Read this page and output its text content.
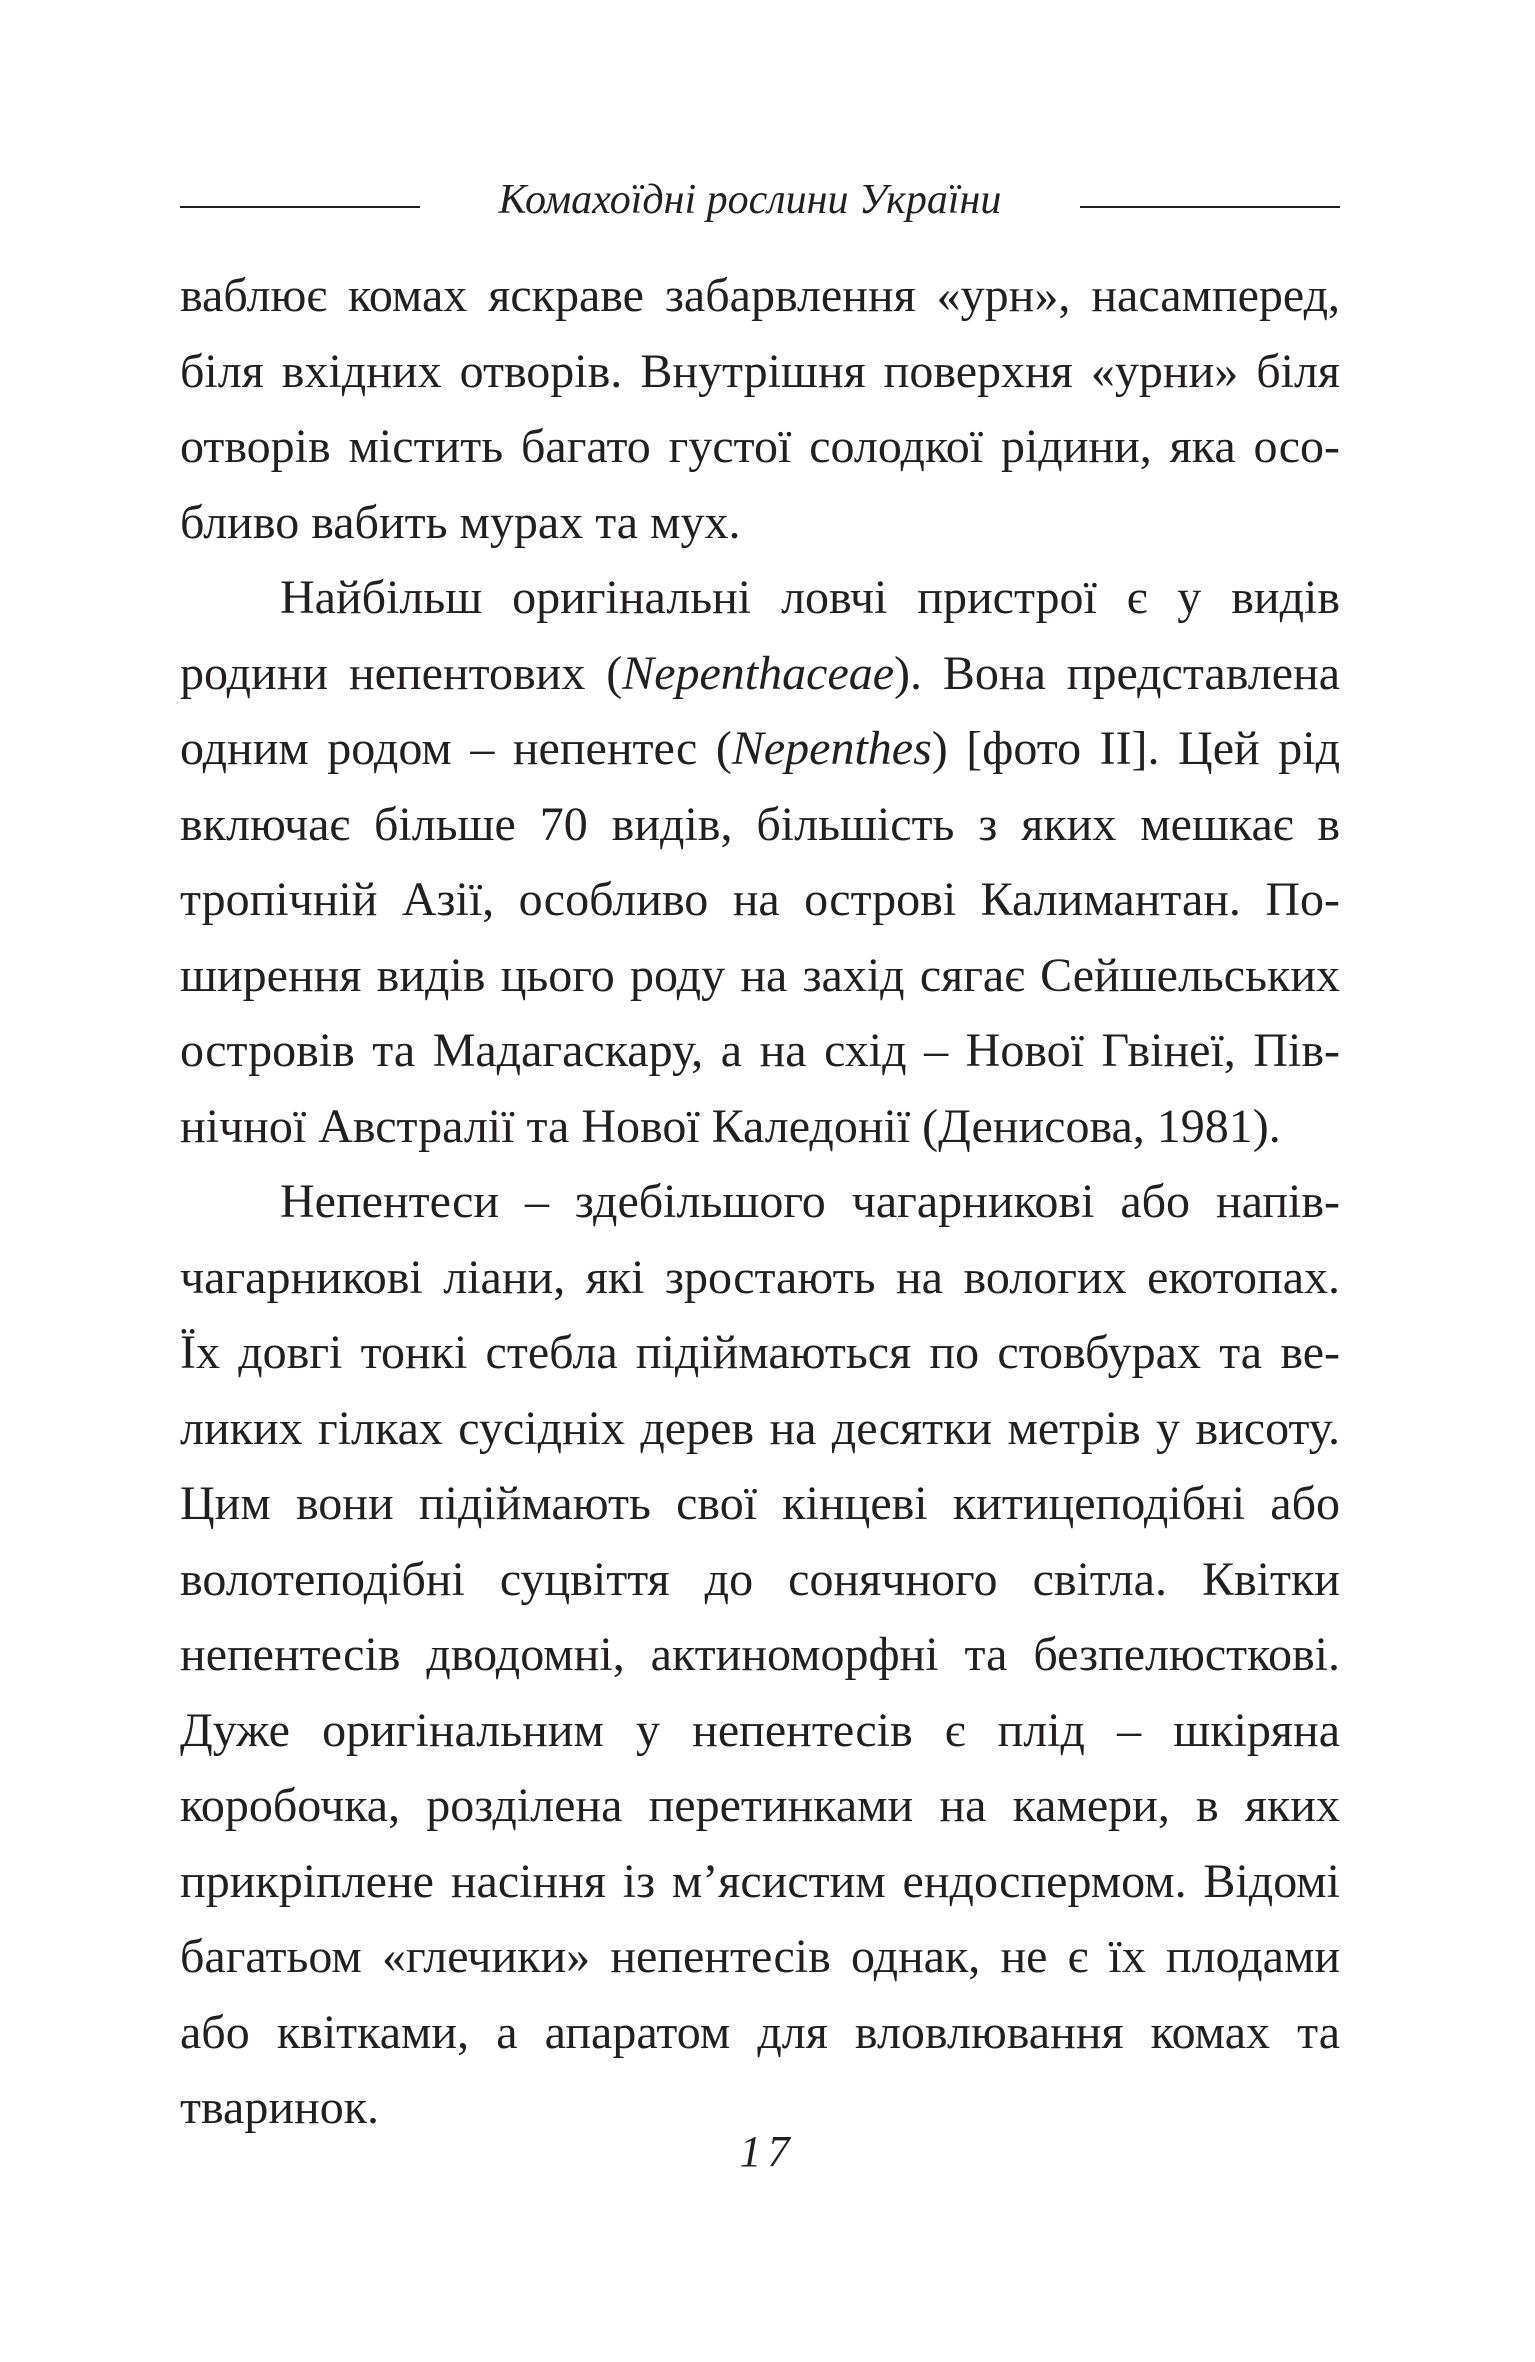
Комахоїдні рослини України

ваблює комах яскраве забарвлення «урн», насамперед, біля вхідних отворів. Внутрішня поверхня «урни» біля отворів містить багато густої солодкої рідини, яка особливо вабить мурах та мух.

Найбільш оригінальні ловчі пристрої є у видів родини непентових (Nepenthaceae). Вона представлена одним родом – непентес (Nepenthes) [фото II]. Цей рід включає більше 70 видів, більшість з яких мешкає в тропічній Азії, особливо на острові Калимантан. Поширення видів цього роду на захід сягає Сейшельських островів та Мадагаскару, а на схід – Нової Гвінеї, Північної Австралії та Нової Каледонії (Денисова, 1981).

Непентеси – здебільшого чагарникові або напівчагарникові ліани, які зростають на вологих екотопах. Їх довгі тонкі стебла підіймаються по стовбурах та великих гілках сусідніх дерев на десятки метрів у висоту. Цим вони підіймають свої кінцеві китицеподібні або волотеподібні суцвіття до сонячного світла. Квітки непентесів дводомні, актиноморфні та безпелюсткові. Дуже оригінальним у непентесів є плід – шкіряна коробочка, розділена перетинками на камери, в яких прикріплене насіння із м’ясистим ендоспермом. Відомі багатьом «глечики» непентесів однак, не є їх плодами або квітками, а апаратом для вловлювання комах та тваринок.

17
